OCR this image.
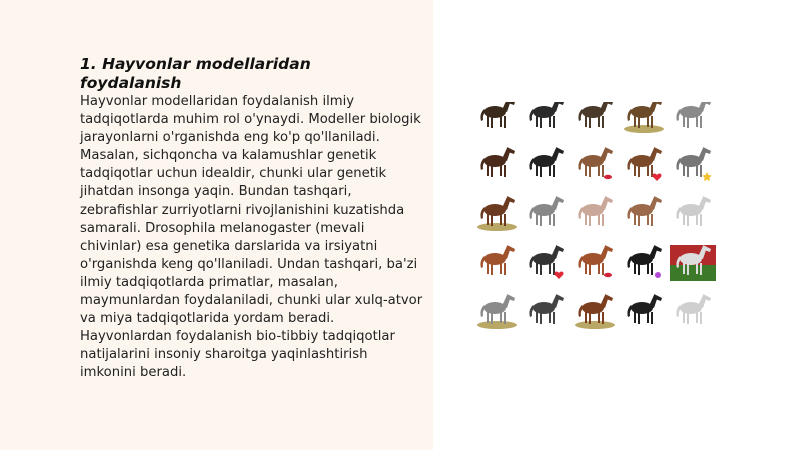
1. Hayvonlar modellaridan foydalanish

Hayvonlar modellaridan foydalanish ilmiy tadqiqotlarda muhim rol o'ynaydi. Modeller biologik jarayonlarni o'rganishda eng ko'p qo'llaniladi. Masalan, sichqoncha va kalamushlar genetik tadqiqotlar uchun idealdir, chunki ular genetik jihatdan insonga yaqin. Bundan tashqari, zebrafishlar zurriyotlarni rivojlanishini kuzatishda samarali. Drosophila melanogaster (mevali chivinlar) esa genetika darslarida va irsiyatni o'rganishda keng qo'llaniladi. Undan tashqari, ba'zi ilmiy tadqiqotlarda primatlar, masalan, maymunlardan foydalaniladi, chunki ular xulq-atvor va miya tadqiqotlarida yordam beradi. Hayvonlardan foydalanish bio-tibbiy tadqiqotlar natijalarini insoniy sharoitga yaqinlashtirish imkonini beradi.
